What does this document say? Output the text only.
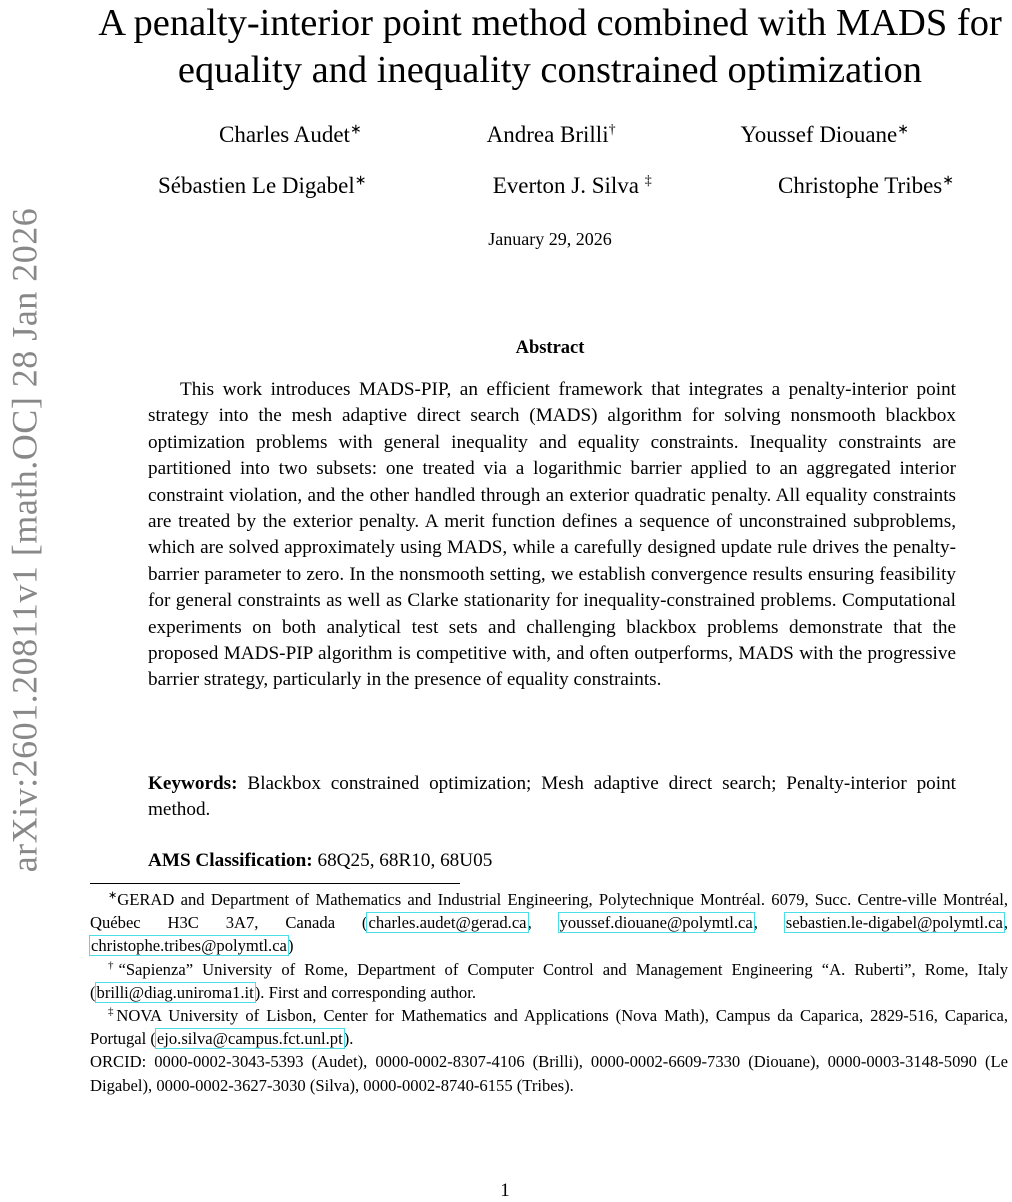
arXiv:2601.20811v1 [math.OC] 28 Jan 2026
A penalty-interior point method combined with MADS for equality and inequality constrained optimization
Charles Audet∗	Andrea Brilli†	Youssef Diouane∗
Sébastien Le Digabel∗	Everton J. Silva ‡	Christophe Tribes∗
January 29, 2026
Abstract

This work introduces MADS-PIP, an efficient framework that integrates a penalty-interior point strategy into the mesh adaptive direct search (MADS) algorithm for solving nonsmooth blackbox optimization problems with general inequality and equality constraints. Inequality constraints are partitioned into two subsets: one treated via a logarithmic barrier applied to an aggregated interior constraint violation, and the other handled through an exterior quadratic penalty. All equality constraints are treated by the exterior penalty. A merit function defines a sequence of unconstrained subproblems, which are solved approximately using MADS, while a carefully designed update rule drives the penalty-barrier parameter to zero. In the nonsmooth setting, we establish convergence results ensuring feasibility for general constraints as well as Clarke stationarity for inequality-constrained problems. Computational experiments on both analytical test sets and challenging blackbox problems demonstrate that the proposed MADS-PIP algorithm is competitive with, and often outperforms, MADS with the progressive barrier strategy, particularly in the presence of equality constraints.

Keywords: Blackbox constrained optimization; Mesh adaptive direct search; Penalty-interior point method.

AMS Classification: 68Q25, 68R10, 68U05

∗GERAD and Department of Mathematics and Industrial Engineering, Polytechnique Montréal. 6079, Succ. Centre-ville Montréal, Québec H3C 3A7, Canada (charles.audet@gerad.ca, youssef.diouane@polymtl.ca, sebastien.le-digabel@polymtl.ca, christophe.tribes@polymtl.ca)

†“Sapienza” University of Rome, Department of Computer Control and Management Engineering “A. Ruberti”, Rome, Italy (brilli@diag.uniroma1.it). First and corresponding author.

‡NOVA University of Lisbon, Center for Mathematics and Applications (Nova Math), Campus da Caparica, 2829-516, Caparica, Portugal (ejo.silva@campus.fct.unl.pt).

ORCID: 0000-0002-3043-5393 (Audet), 0000-0002-8307-4106 (Brilli), 0000-0002-6609-7330 (Diouane), 0000-0003-3148-5090 (Le Digabel), 0000-0002-3627-3030 (Silva), 0000-0002-8740-6155 (Tribes).

1
